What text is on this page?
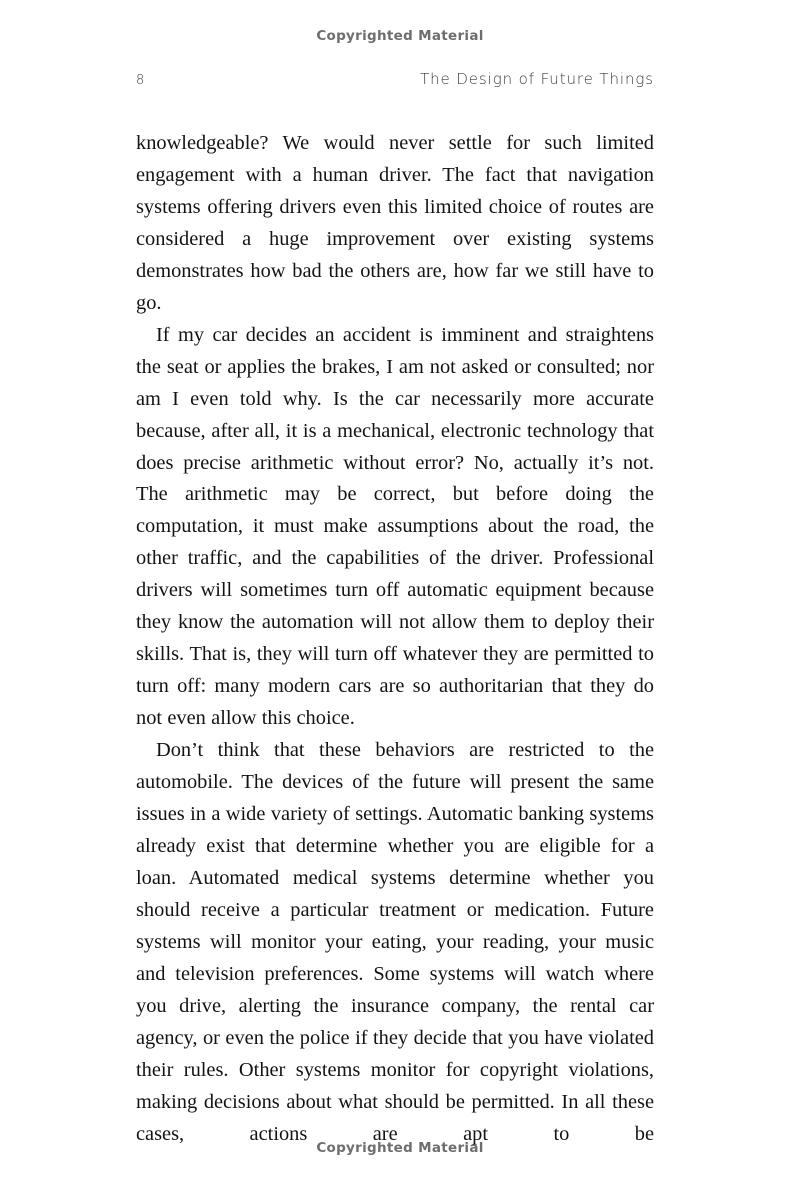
Copyrighted Material
8	The Design of Future Things

knowledgeable? We would never settle for such limited engagement with a human driver. The fact that navigation systems offering drivers even this limited choice of routes are considered a huge improvement over existing systems demonstrates how bad the others are, how far we still have to go.

If my car decides an accident is imminent and straightens the seat or applies the brakes, I am not asked or consulted; nor am I even told why. Is the car necessarily more accurate because, after all, it is a mechanical, electronic technology that does precise arithmetic without error? No, actually it’s not. The arithmetic may be correct, but before doing the computation, it must make assumptions about the road, the other traffic, and the capabilities of the driver. Professional drivers will sometimes turn off automatic equipment because they know the automation will not allow them to deploy their skills. That is, they will turn off whatever they are permitted to turn off: many modern cars are so authoritarian that they do not even allow this choice.

Don’t think that these behaviors are restricted to the automobile. The devices of the future will present the same issues in a wide variety of settings. Automatic banking systems already exist that determine whether you are eligible for a loan. Automated medical systems determine whether you should receive a particular treatment or medication. Future systems will monitor your eating, your reading, your music and television preferences. Some systems will watch where you drive, alerting the insurance company, the rental car agency, or even the police if they decide that you have violated their rules. Other systems monitor for copyright violations, making decisions about what should be permitted. In all these cases, actions are apt to be

Copyrighted Material
